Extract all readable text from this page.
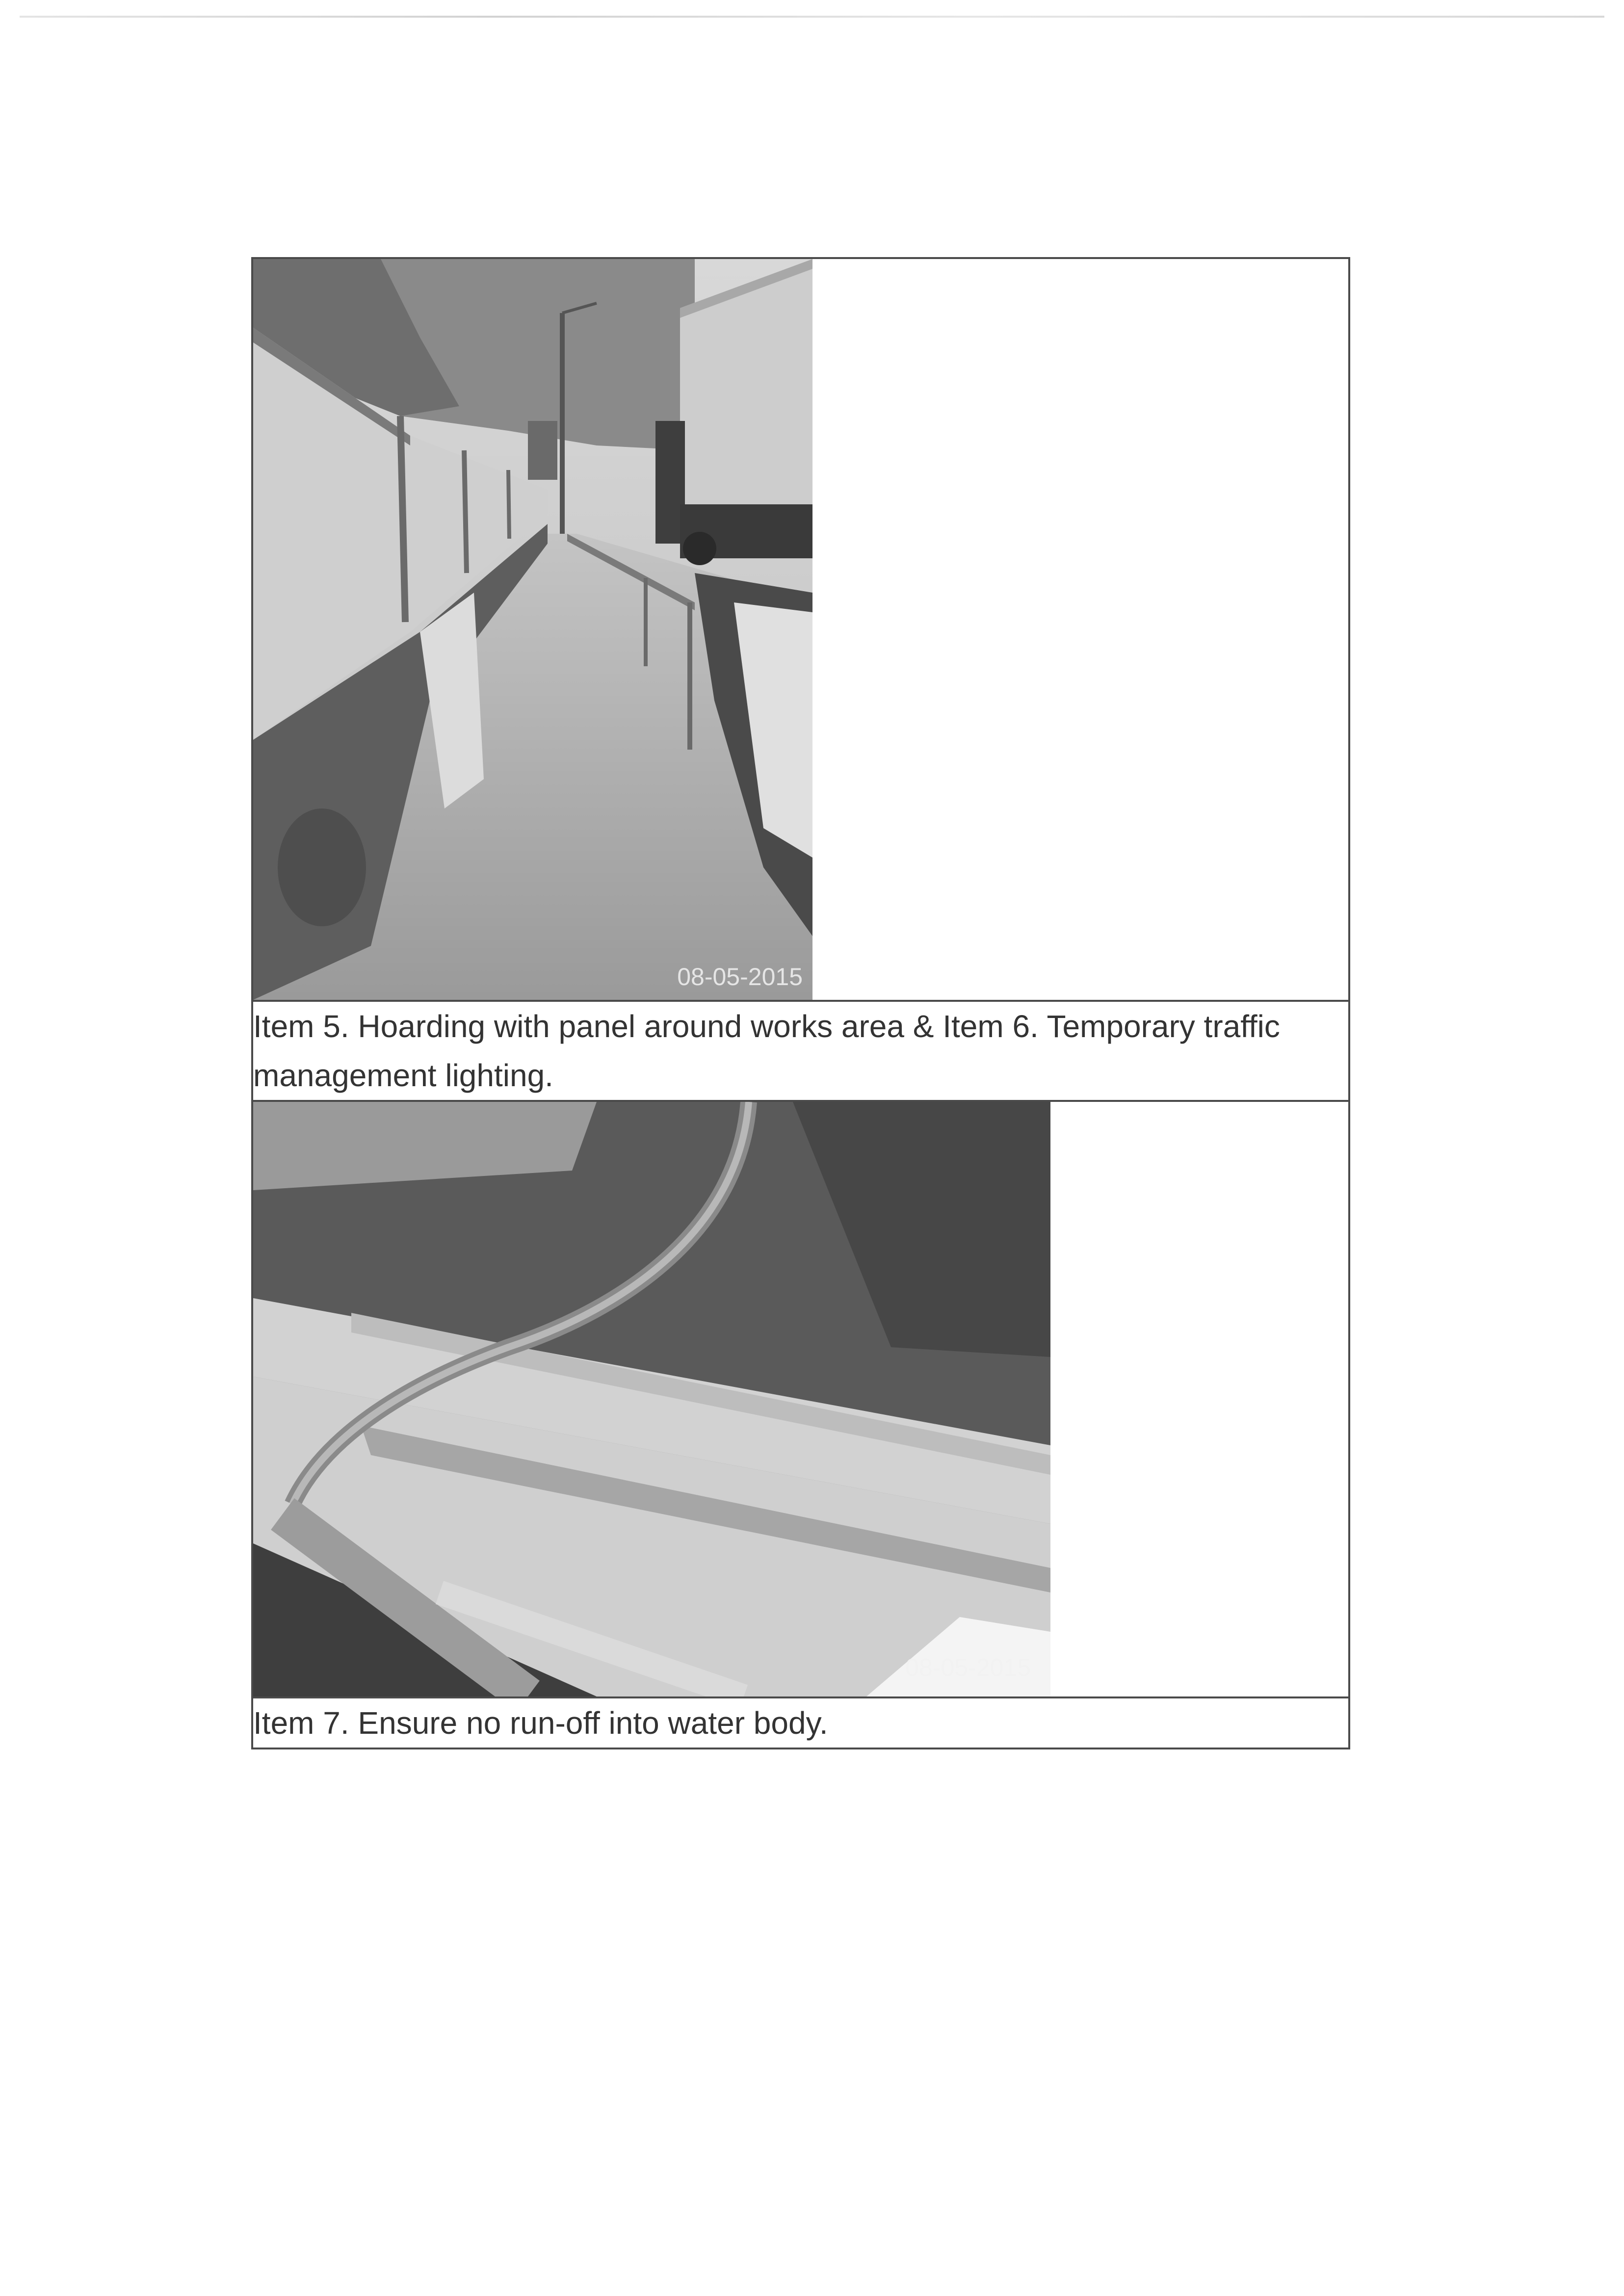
08-05-2015

Item 5. Hoarding with panel around works area & Item 6. Temporary traffic management lighting.

08-05-2015

Item 7. Ensure no run-off into water body.
